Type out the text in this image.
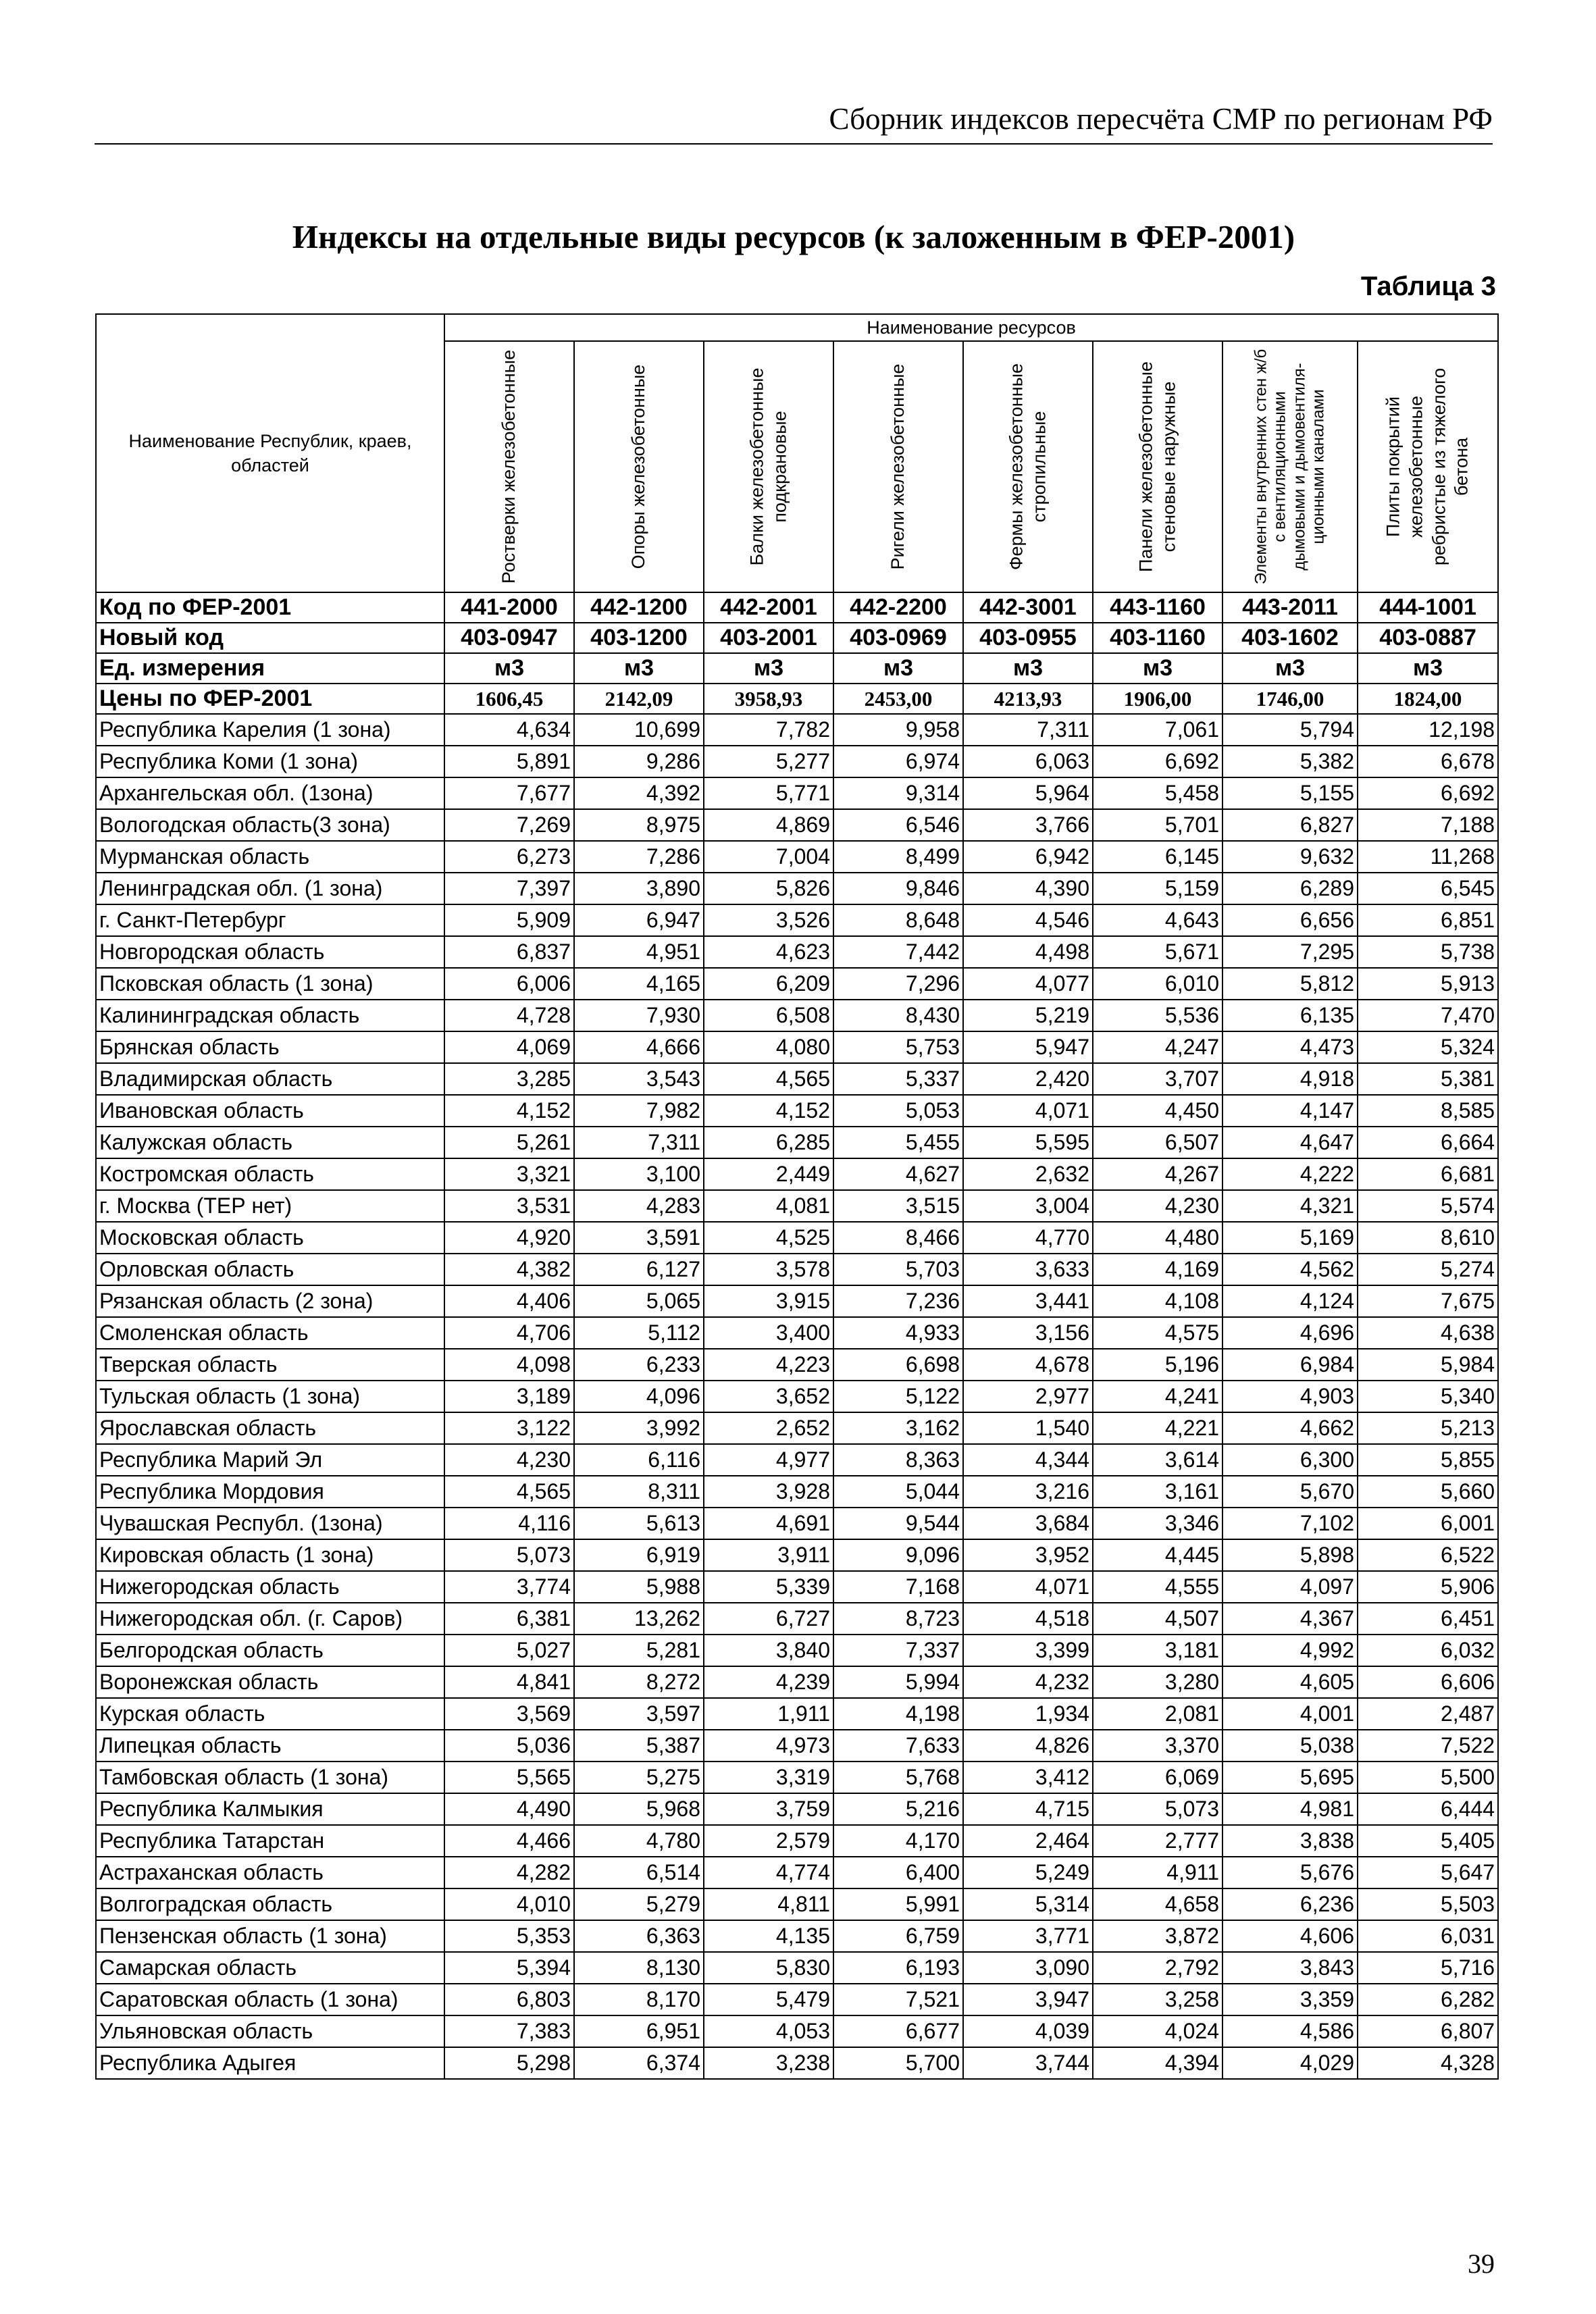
Сборник индексов пересчёта СМР по регионам РФ
Индексы на отдельные виды ресурсов (к заложенным в ФЕР-2001)
Таблица 3
Наименование Республик, краев, областей	Наименование ресурсов							

	Ростверки железобетонные	Опоры железобетонные	Балки железобетонные подкрановые	Ригели железобетонные	Фермы железобетонные стропильные	Панели железобетонные стеновые наружные	Элементы внутренних стен ж/б с вентиляционными дымовыми и дымовентиля-ционными каналами	Плиты покрытий железобетонные ребристые из тяжелого бетона

Код по ФЕР-2001	441-2000	442-1200	442-2001	442-2200	442-3001	443-1160	443-2011	444-1001
Новый код	403-0947	403-1200	403-2001	403-0969	403-0955	403-1160	403-1602	403-0887
Ед. измерения	м3	м3	м3	м3	м3	м3	м3	м3
Цены по ФЕР-2001	1606,45	2142,09	3958,93	2453,00	4213,93	1906,00	1746,00	1824,00
Республика Карелия (1 зона)	4,634	10,699	7,782	9,958	7,311	7,061	5,794	12,198
Республика Коми (1 зона)	5,891	9,286	5,277	6,974	6,063	6,692	5,382	6,678
Архангельская обл. (1зона)	7,677	4,392	5,771	9,314	5,964	5,458	5,155	6,692
Вологодская область(3 зона)	7,269	8,975	4,869	6,546	3,766	5,701	6,827	7,188
Мурманская область	6,273	7,286	7,004	8,499	6,942	6,145	9,632	11,268
Ленинградская обл. (1 зона)	7,397	3,890	5,826	9,846	4,390	5,159	6,289	6,545
г. Санкт-Петербург	5,909	6,947	3,526	8,648	4,546	4,643	6,656	6,851
Новгородская область	6,837	4,951	4,623	7,442	4,498	5,671	7,295	5,738
Псковская область (1 зона)	6,006	4,165	6,209	7,296	4,077	6,010	5,812	5,913
Калининградская область	4,728	7,930	6,508	8,430	5,219	5,536	6,135	7,470
Брянская область	4,069	4,666	4,080	5,753	5,947	4,247	4,473	5,324
Владимирская область	3,285	3,543	4,565	5,337	2,420	3,707	4,918	5,381
Ивановская область	4,152	7,982	4,152	5,053	4,071	4,450	4,147	8,585
Калужская область	5,261	7,311	6,285	5,455	5,595	6,507	4,647	6,664
Костромская область	3,321	3,100	2,449	4,627	2,632	4,267	4,222	6,681
г. Москва (ТЕР нет)	3,531	4,283	4,081	3,515	3,004	4,230	4,321	5,574
Московская область	4,920	3,591	4,525	8,466	4,770	4,480	5,169	8,610
Орловская область	4,382	6,127	3,578	5,703	3,633	4,169	4,562	5,274
Рязанская область (2 зона)	4,406	5,065	3,915	7,236	3,441	4,108	4,124	7,675
Смоленская область	4,706	5,112	3,400	4,933	3,156	4,575	4,696	4,638
Тверская область	4,098	6,233	4,223	6,698	4,678	5,196	6,984	5,984
Тульская область (1 зона)	3,189	4,096	3,652	5,122	2,977	4,241	4,903	5,340
Ярославская область	3,122	3,992	2,652	3,162	1,540	4,221	4,662	5,213
Республика Марий Эл	4,230	6,116	4,977	8,363	4,344	3,614	6,300	5,855
Республика Мордовия	4,565	8,311	3,928	5,044	3,216	3,161	5,670	5,660
Чувашская Республ. (1зона)	4,116	5,613	4,691	9,544	3,684	3,346	7,102	6,001
Кировская область (1 зона)	5,073	6,919	3,911	9,096	3,952	4,445	5,898	6,522
Нижегородская область	3,774	5,988	5,339	7,168	4,071	4,555	4,097	5,906
Нижегородская обл. (г. Саров)	6,381	13,262	6,727	8,723	4,518	4,507	4,367	6,451
Белгородская область	5,027	5,281	3,840	7,337	3,399	3,181	4,992	6,032
Воронежская область	4,841	8,272	4,239	5,994	4,232	3,280	4,605	6,606
Курская область	3,569	3,597	1,911	4,198	1,934	2,081	4,001	2,487
Липецкая область	5,036	5,387	4,973	7,633	4,826	3,370	5,038	7,522
Тамбовская область (1 зона)	5,565	5,275	3,319	5,768	3,412	6,069	5,695	5,500
Республика Калмыкия	4,490	5,968	3,759	5,216	4,715	5,073	4,981	6,444
Республика Татарстан	4,466	4,780	2,579	4,170	2,464	2,777	3,838	5,405
Астраханская область	4,282	6,514	4,774	6,400	5,249	4,911	5,676	5,647
Волгоградская область	4,010	5,279	4,811	5,991	5,314	4,658	6,236	5,503
Пензенская область (1 зона)	5,353	6,363	4,135	6,759	3,771	3,872	4,606	6,031
Самарская область	5,394	8,130	5,830	6,193	3,090	2,792	3,843	5,716
Саратовская область (1 зона)	6,803	8,170	5,479	7,521	3,947	3,258	3,359	6,282
Ульяновская область	7,383	6,951	4,053	6,677	4,039	4,024	4,586	6,807
Республика Адыгея	5,298	6,374	3,238	5,700	3,744	4,394	4,029	4,328
39
